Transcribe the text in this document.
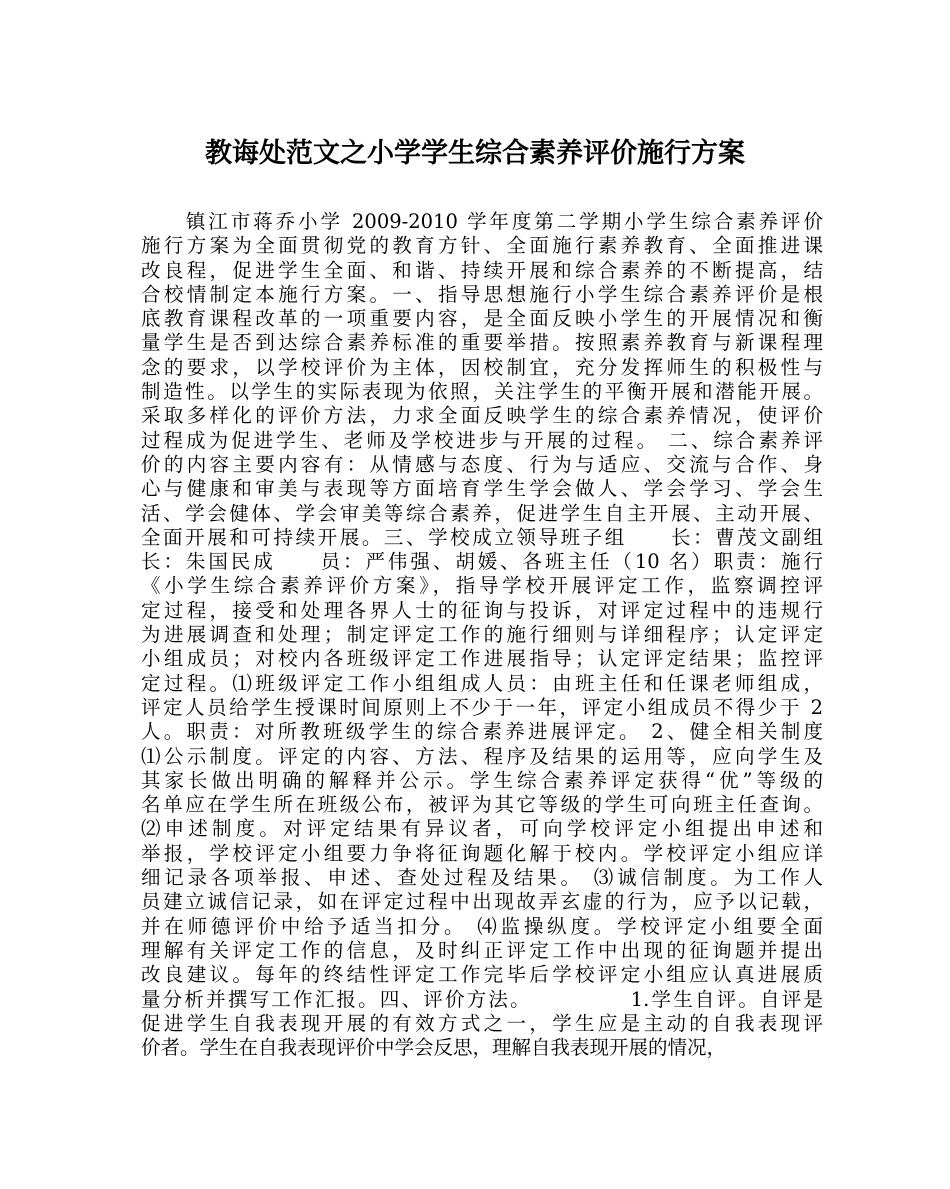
教诲处范文之小学学生综合素养评价施行方案
　　镇江市蒋乔小学 2009-2010 学年度第二学期小学生综合素养评价
施行方案为全面贯彻党的教育方针、全面施行素养教育、全面推进课
改良程，促进学生全面、和谐、持续开展和综合素养的不断提高，结
合校情制定本施行方案。一、指导思想施行小学生综合素养评价是根
底教育课程改革的一项重要内容，是全面反映小学生的开展情况和衡
量学生是否到达综合素养标准的重要举措。按照素养教育与新课程理
念的要求，以学校评价为主体，因校制宜，充分发挥师生的积极性与
制造性。以学生的实际表现为依照，关注学生的平衡开展和潜能开展。
采取多样化的评价方法，力求全面反映学生的综合素养情况，使评价
过程成为促进学生、老师及学校进步与开展的过程。 二、综合素养评
价的内容主要内容有：从情感与态度、行为与适应、交流与合作、身
心与健康和审美与表现等方面培育学生学会做人、学会学习、学会生
活、学会健体、学会审美等综合素养，促进学生自主开展、主动开展、
全面开展和可持续开展。三、学校成立领导班子组　　长：曹茂文副组
长：朱国民成　　员：严伟强、胡媛、各班主任（10 名）职责：施行
《小学生综合素养评价方案》，指导学校开展评定工作，监察调控评
定过程，接受和处理各界人士的征询与投诉，对评定过程中的违规行
为进展调查和处理；制定评定工作的施行细则与详细程序；认定评定
小组成员；对校内各班级评定工作进展指导；认定评定结果；监控评
定过程。⑴班级评定工作小组组成人员：由班主任和任课老师组成，
评定人员给学生授课时间原则上不少于一年，评定小组成员不得少于 2
人。职责：对所教班级学生的综合素养进展评定。 2、健全相关制度
⑴公示制度。评定的内容、方法、程序及结果的运用等，应向学生及
其家长做出明确的解释并公示。学生综合素养评定获得“优”等级的
名单应在学生所在班级公布，被评为其它等级的学生可向班主任查询。
⑵申述制度。对评定结果有异议者，可向学校评定小组提出申述和
举报，学校评定小组要力争将征询题化解于校内。学校评定小组应详
细记录各项举报、申述、查处过程及结果。 ⑶诚信制度。为工作人
员建立诚信记录，如在评定过程中出现故弄玄虚的行为，应予以记载，
并在师德评价中给予适当扣分。 ⑷监操纵度。学校评定小组要全面
理解有关评定工作的信息，及时纠正评定工作中出现的征询题并提出
改良建议。每年的终结性评定工作完毕后学校评定小组应认真进展质
量分析并撰写工作汇报。四、评价方法。　　　　　1.学生自评。自评是
促进学生自我表现开展的有效方式之一，学生应是主动的自我表现评
价者。学生在自我表现评价中学会反思，理解自我表现开展的情况，
